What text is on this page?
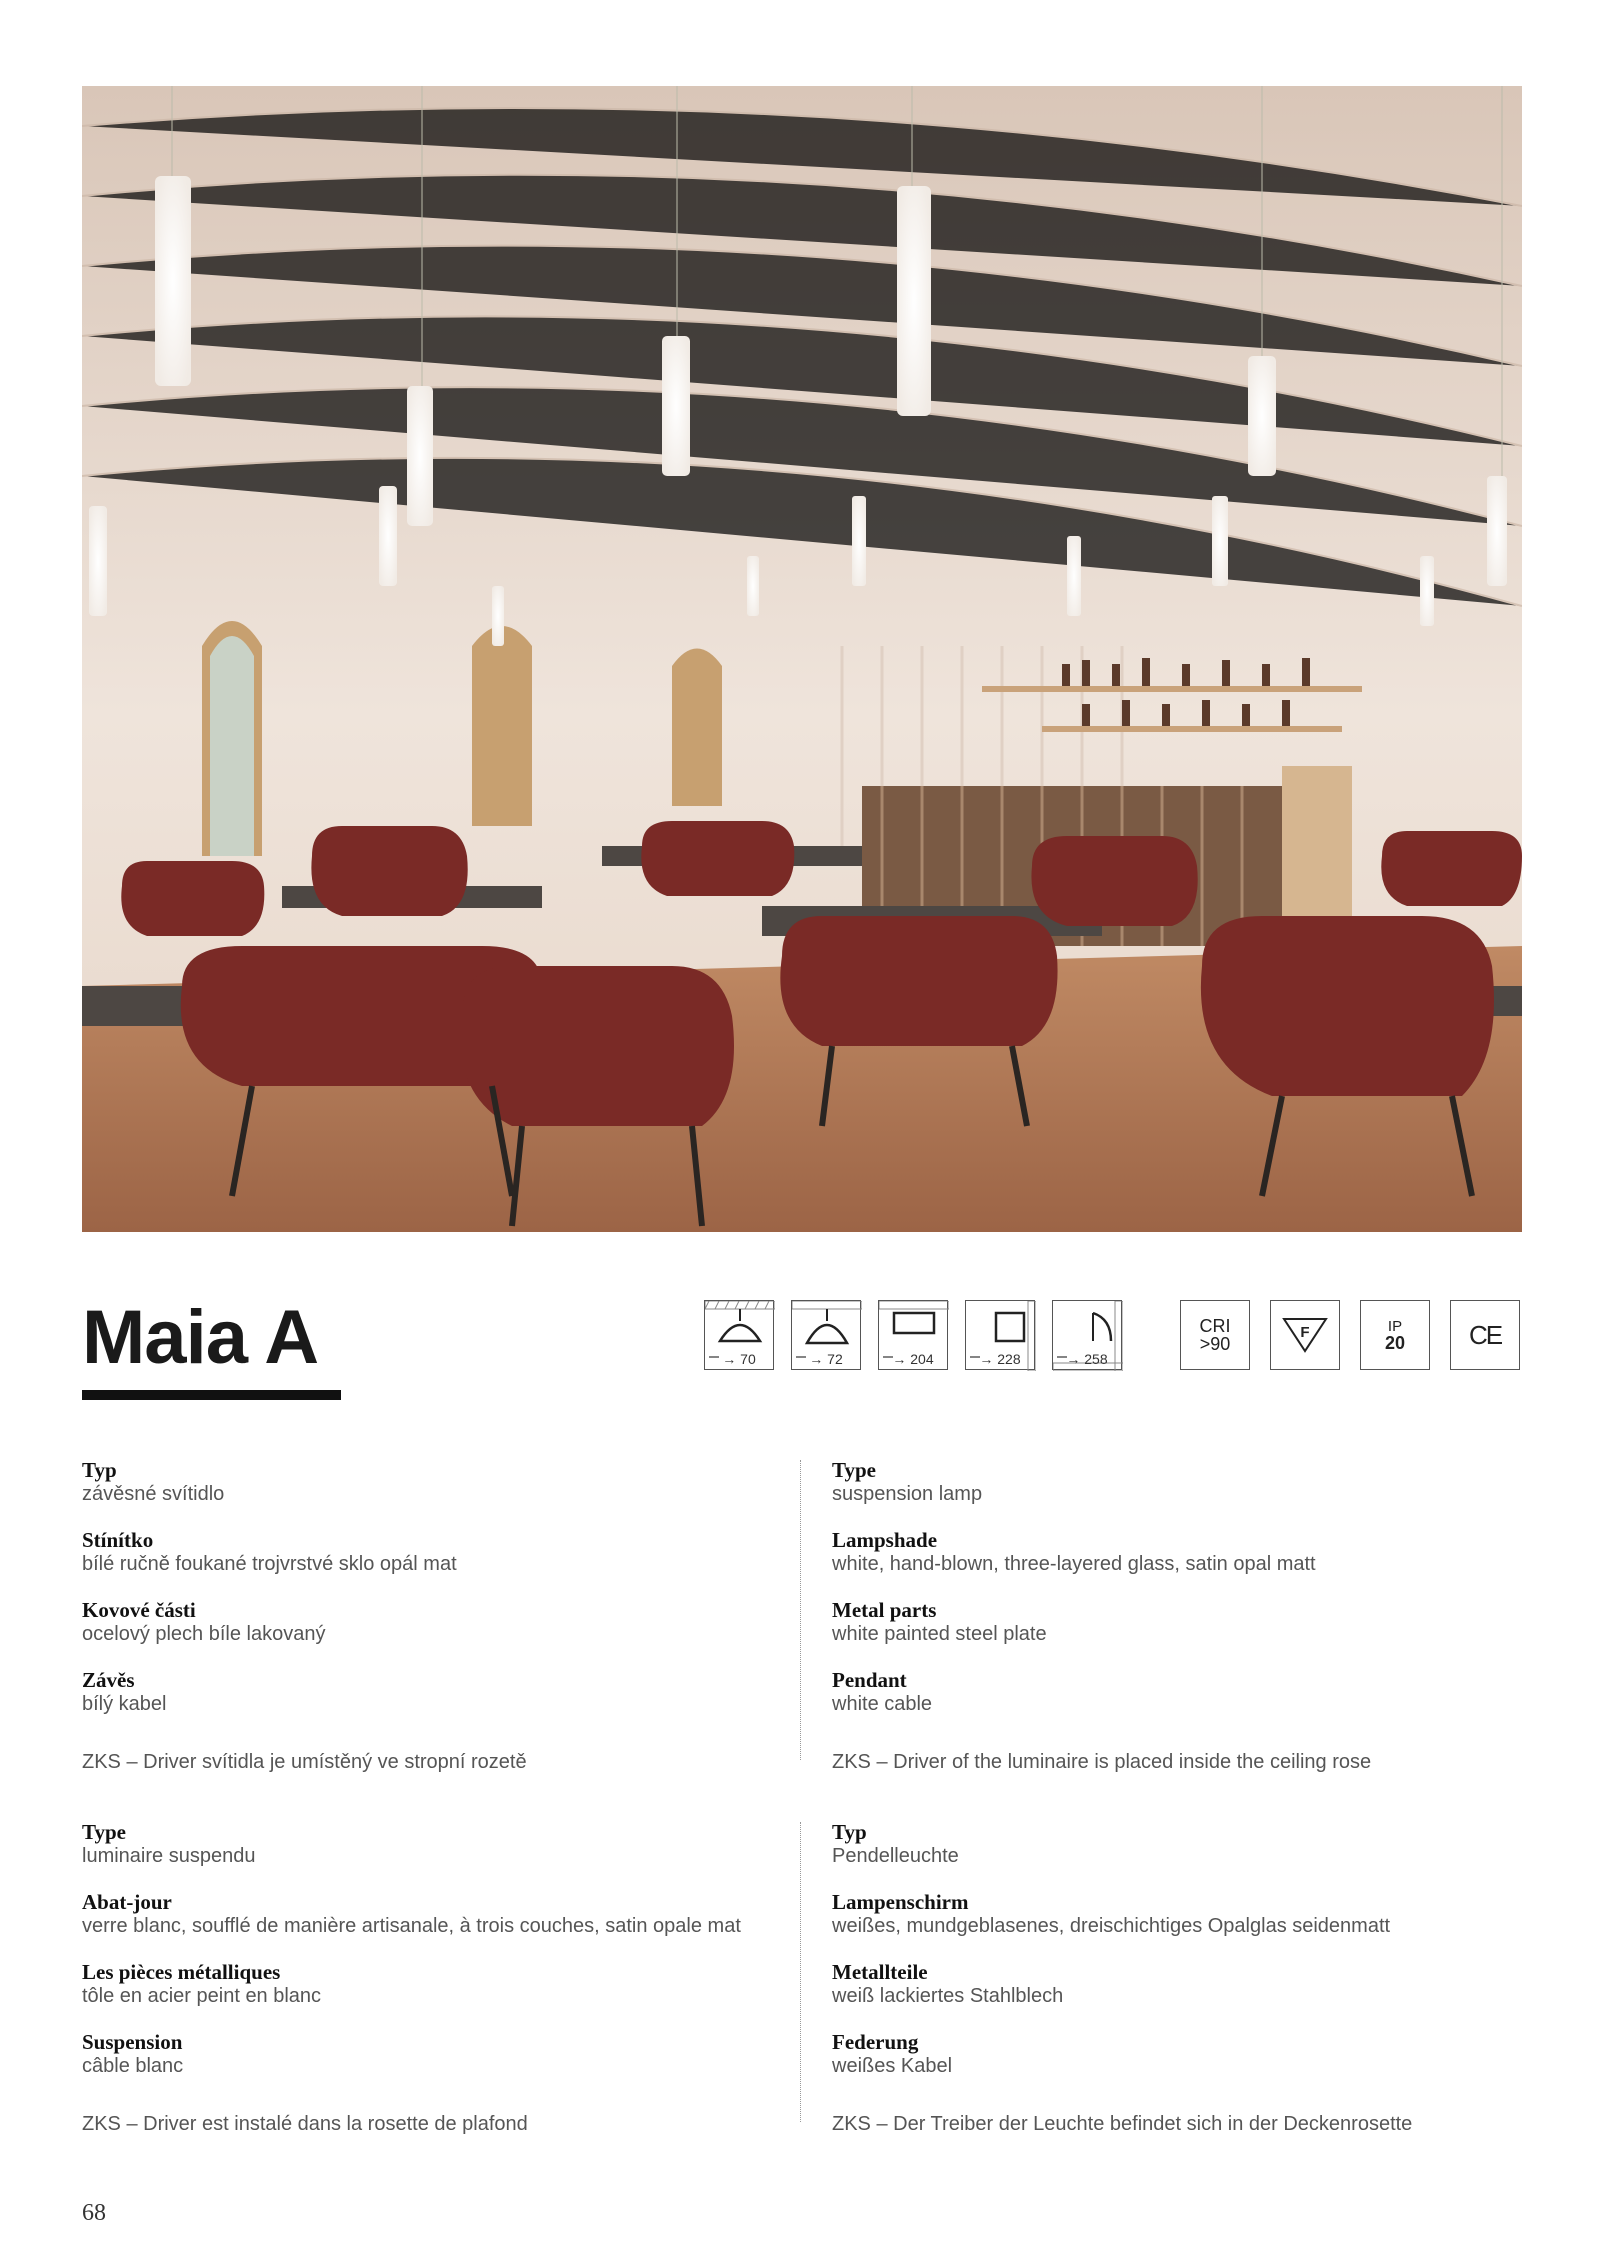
Maia A	→ 70	→ 72	→ 204	→ 228	→ 258
CRI
>90
F	IP
20 CE
Typ
závěsné svítidlo
Stínítko
bílé ručně foukané trojvrstvé sklo opál mat
Kovové části
ocelový plech bíle lakovaný
Závěs
bílý kabel
ZKS – Driver svítidla je umístěný ve stropní rozetě
Type
suspension lamp
Lampshade
white, hand-blown, three-layered glass, satin opal matt
Metal parts
white painted steel plate
Pendant
white cable
ZKS – Driver of the luminaire is placed inside the ceiling rose
Type
luminaire suspendu
Abat-jour
verre blanc, soufflé de manière artisanale, à trois couches, satin opale mat
Les pièces métalliques
tôle en acier peint en blanc
Suspension
câble blanc
ZKS – Driver est instalé dans la rosette de plafond
Typ
Pendelleuchte
Lampenschirm
weißes, mundgeblasenes, dreischichtiges Opalglas seidenmatt
Metallteile
weiß lackiertes Stahlblech
Federung
weißes Kabel
ZKS – Der Treiber der Leuchte befindet sich in der Deckenrosette
68
